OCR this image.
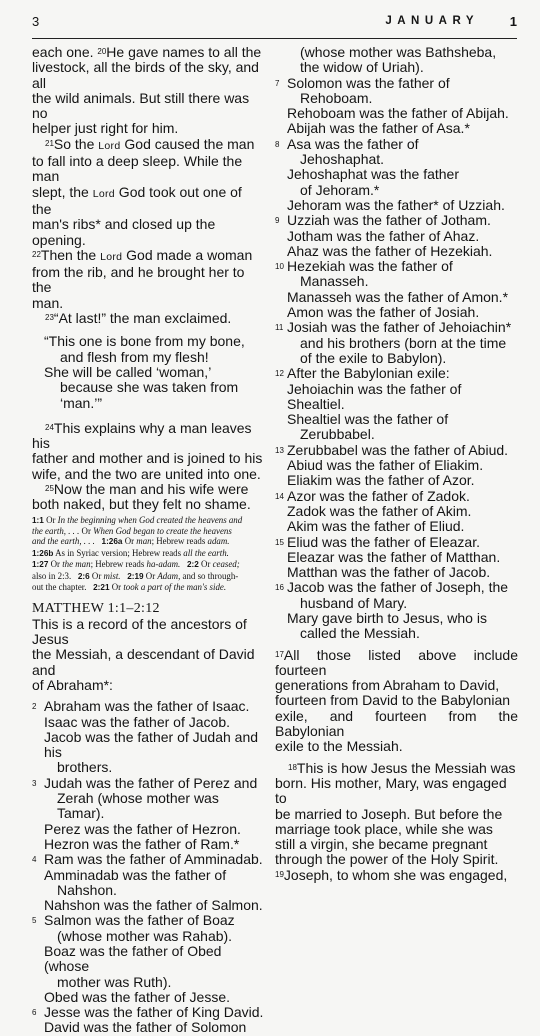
3	JANUARY 1

each one. $^{20}$He gave names to all the
livestock, all the birds of the sky, and all
the wild animals. But still there was no
helper just right for him.

$^{21}$So the Lord God caused the man

to fall into a deep sleep. While the man
slept, the Lord God took out one of the
man's ribs* and closed up the opening.
$^{22}$Then the Lord God made a woman
from the rib, and he brought her to the
man.

$^{23}$“At last!” the man exclaimed.

“This one is bone from my bone,
and flesh from my flesh!
She will be called ‘woman,’
because she was taken from ‘man.’”

$^{24}$This explains why a man leaves his

father and mother and is joined to his
wife, and the two are united into one.

$^{25}$Now the man and his wife were

both naked, but they felt no shame.

1:1 Or In the beginning when God created the heavens and
the earth, . . . Or When God began to create the heavens
and the earth, . . . 1:26a Or man; Hebrew reads adam.
1:26b As in Syriac version; Hebrew reads all the earth.
1:27 Or the man; Hebrew reads ha-adam. 2:2 Or ceased;
also in 2:3. 2:6 Or mist. 2:19 Or Adam, and so through-
out the chapter. 2:21 Or took a part of the man's side.
MATTHEW 1:1–2:12

This is a record of the ancestors of Jesus
the Messiah, a descendant of David and
of Abraham*:

2 Abraham was the father of Isaac.
Isaac was the father of Jacob.
Jacob was the father of Judah and his
brothers.
3 Judah was the father of Perez and
Zerah (whose mother was Tamar).
Perez was the father of Hezron.
Hezron was the father of Ram.*
4 Ram was the father of Amminadab.
Amminadab was the father of
Nahshon.
Nahshon was the father of Salmon.
5 Salmon was the father of Boaz
(whose mother was Rahab).
Boaz was the father of Obed (whose
mother was Ruth).
Obed was the father of Jesse.
6 Jesse was the father of King David.
David was the father of Solomon
(whose mother was Bathsheba,
the widow of Uriah).
7 Solomon was the father of
Rehoboam.
Rehoboam was the father of Abijah.
Abijah was the father of Asa.*
8 Asa was the father of
Jehoshaphat.
Jehoshaphat was the father
of Jehoram.*
Jehoram was the father* of Uzziah.
9 Uzziah was the father of Jotham.
Jotham was the father of Ahaz.
Ahaz was the father of Hezekiah.
10 Hezekiah was the father of
Manasseh.
Manasseh was the father of Amon.*
Amon was the father of Josiah.
11 Josiah was the father of Jehoiachin*
and his brothers (born at the time
of the exile to Babylon).
12 After the Babylonian exile:
Jehoiachin was the father of Shealtiel.
Shealtiel was the father of
Zerubbabel.
13 Zerubbabel was the father of Abiud.
Abiud was the father of Eliakim.
Eliakim was the father of Azor.
14 Azor was the father of Zadok.
Zadok was the father of Akim.
Akim was the father of Eliud.
15 Eliud was the father of Eleazar.
Eleazar was the father of Matthan.
Matthan was the father of Jacob.
16 Jacob was the father of Joseph, the
husband of Mary.
Mary gave birth to Jesus, who is
called the Messiah.

$^{17}$All those listed above include fourteen
generations from Abraham to David,
fourteen from David to the Babylonian
exile, and fourteen from the Babylonian
exile to the Messiah.

$^{18}$This is how Jesus the Messiah was

born. His mother, Mary, was engaged to
be married to Joseph. But before the
marriage took place, while she was
still a virgin, she became pregnant
through the power of the Holy Spirit.
$^{19}$Joseph, to whom she was engaged,
